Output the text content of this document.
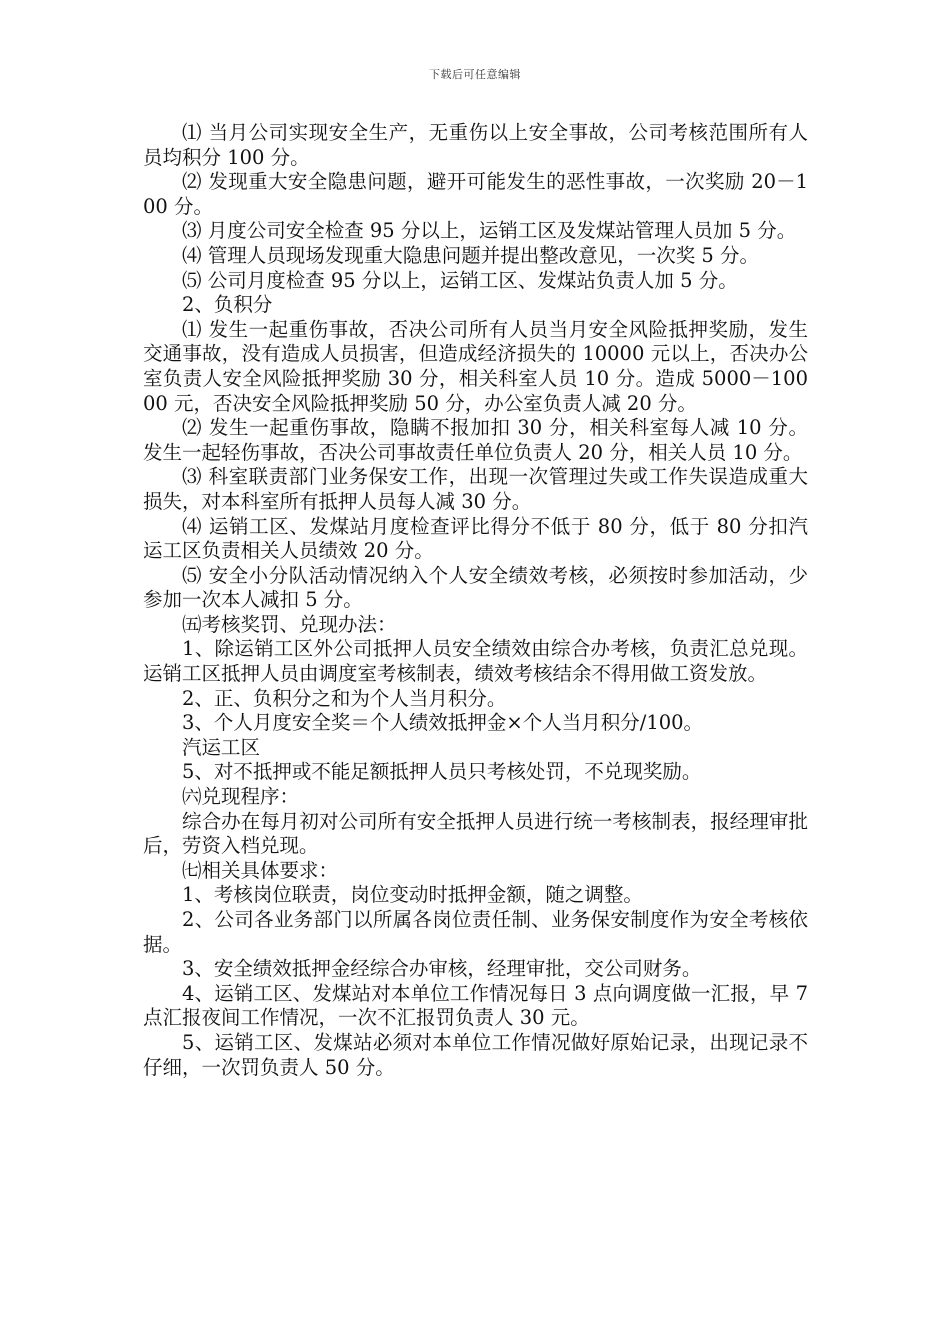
下载后可任意编辑

⑴ 当月公司实现安全生产，无重伤以上安全事故，公司考核范围所有人员均积分 100 分。

⑵ 发现重大安全隐患问题，避开可能发生的恶性事故，一次奖励 20－100 分。

⑶ 月度公司安全检查 95 分以上，运销工区及发煤站管理人员加 5 分。

⑷ 管理人员现场发现重大隐患问题并提出整改意见，一次奖 5 分。

⑸ 公司月度检查 95 分以上，运销工区、发煤站负责人加 5 分。

2、负积分

⑴ 发生一起重伤事故，否决公司所有人员当月安全风险抵押奖励，发生交通事故，没有造成人员损害，但造成经济损失的 10000 元以上，否决办公室负责人安全风险抵押奖励 30 分，相关科室人员 10 分。造成 5000－10000 元，否决安全风险抵押奖励 50 分，办公室负责人减 20 分。

⑵ 发生一起重伤事故，隐瞒不报加扣 30 分，相关科室每人减 10 分。发生一起轻伤事故，否决公司事故责任单位负责人 20 分，相关人员 10 分。

⑶ 科室联责部门业务保安工作，出现一次管理过失或工作失误造成重大损失，对本科室所有抵押人员每人减 30 分。

⑷ 运销工区、发煤站月度检查评比得分不低于 80 分，低于 80 分扣汽运工区负责相关人员绩效 20 分。

⑸ 安全小分队活动情况纳入个人安全绩效考核，必须按时参加活动，少参加一次本人减扣 5 分。

㈤考核奖罚、兑现办法：

1、除运销工区外公司抵押人员安全绩效由综合办考核，负责汇总兑现。运销工区抵押人员由调度室考核制表，绩效考核结余不得用做工资发放。

2、正、负积分之和为个人当月积分。

3、个人月度安全奖＝个人绩效抵押金×个人当月积分/100。

汽运工区

5、对不抵押或不能足额抵押人员只考核处罚，不兑现奖励。

㈥兑现程序：

综合办在每月初对公司所有安全抵押人员进行统一考核制表，报经理审批后，劳资入档兑现。

㈦相关具体要求：

1、考核岗位联责，岗位变动时抵押金额，随之调整。

2、公司各业务部门以所属各岗位责任制、业务保安制度作为安全考核依据。

3、安全绩效抵押金经综合办审核，经理审批，交公司财务。

4、运销工区、发煤站对本单位工作情况每日 3 点向调度做一汇报，早 7 点汇报夜间工作情况，一次不汇报罚负责人 30 元。

5、运销工区、发煤站必须对本单位工作情况做好原始记录，出现记录不仔细，一次罚负责人 50 分。
